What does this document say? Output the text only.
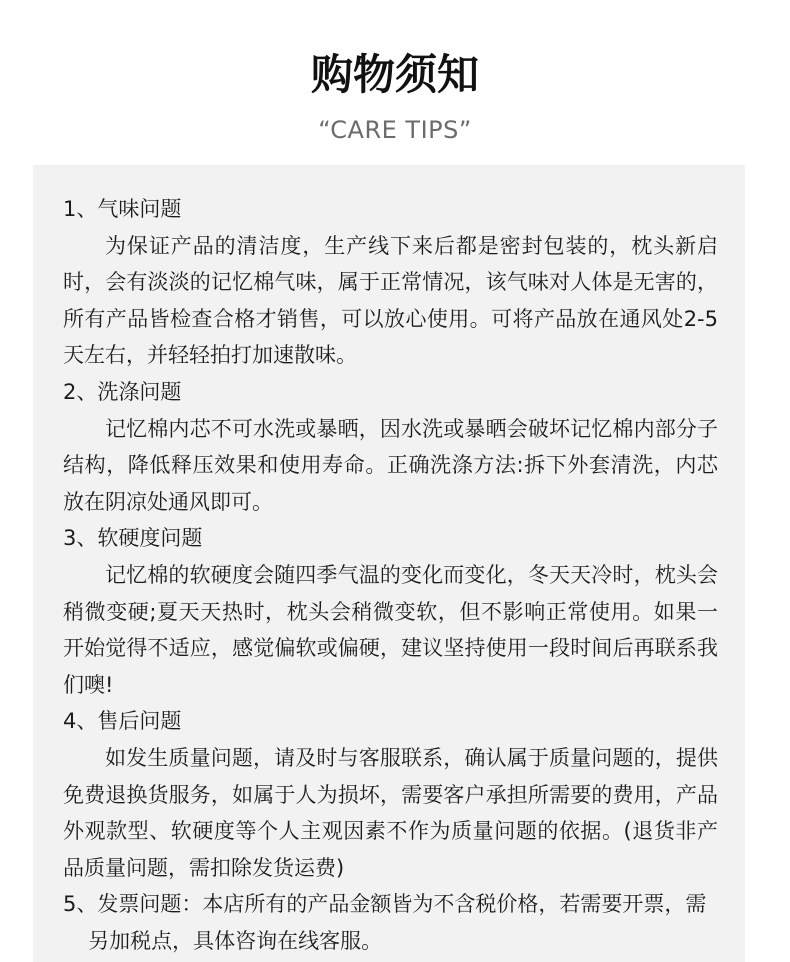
购物须知
“CARE TIPS”
1、气味问题

为保证产品的清洁度，生产线下来后都是密封包装的，枕头新启时，会有淡淡的记忆棉气味，属于正常情况，该气味对人体是无害的，所有产品皆检查合格才销售，可以放心使用。可将产品放在通风处2-5天左右，并轻轻拍打加速散味。

2、洗涤问题

记忆棉内芯不可水洗或暴晒，因水洗或暴晒会破坏记忆棉内部分子结构，降低释压效果和使用寿命。正确洗涤方法:拆下外套清洗，内芯放在阴凉处通风即可。

3、软硬度问题

记忆棉的软硬度会随四季气温的变化而变化，冬天天冷时，枕头会稍微变硬;夏天天热时，枕头会稍微变软，但不影响正常使用。如果一开始觉得不适应，感觉偏软或偏硬，建议坚持使用一段时间后再联系我们噢!

4、售后问题

如发生质量问题，请及时与客服联系，确认属于质量问题的，提供免费退换货服务，如属于人为损坏，需要客户承担所需要的费用，产品外观款型、软硬度等个人主观因素不作为质量问题的依据。(退货非产品质量问题，需扣除发货运费)

5、发票问题：本店所有的产品金额皆为不含税价格，若需要开票，需另加税点，具体咨询在线客服。
